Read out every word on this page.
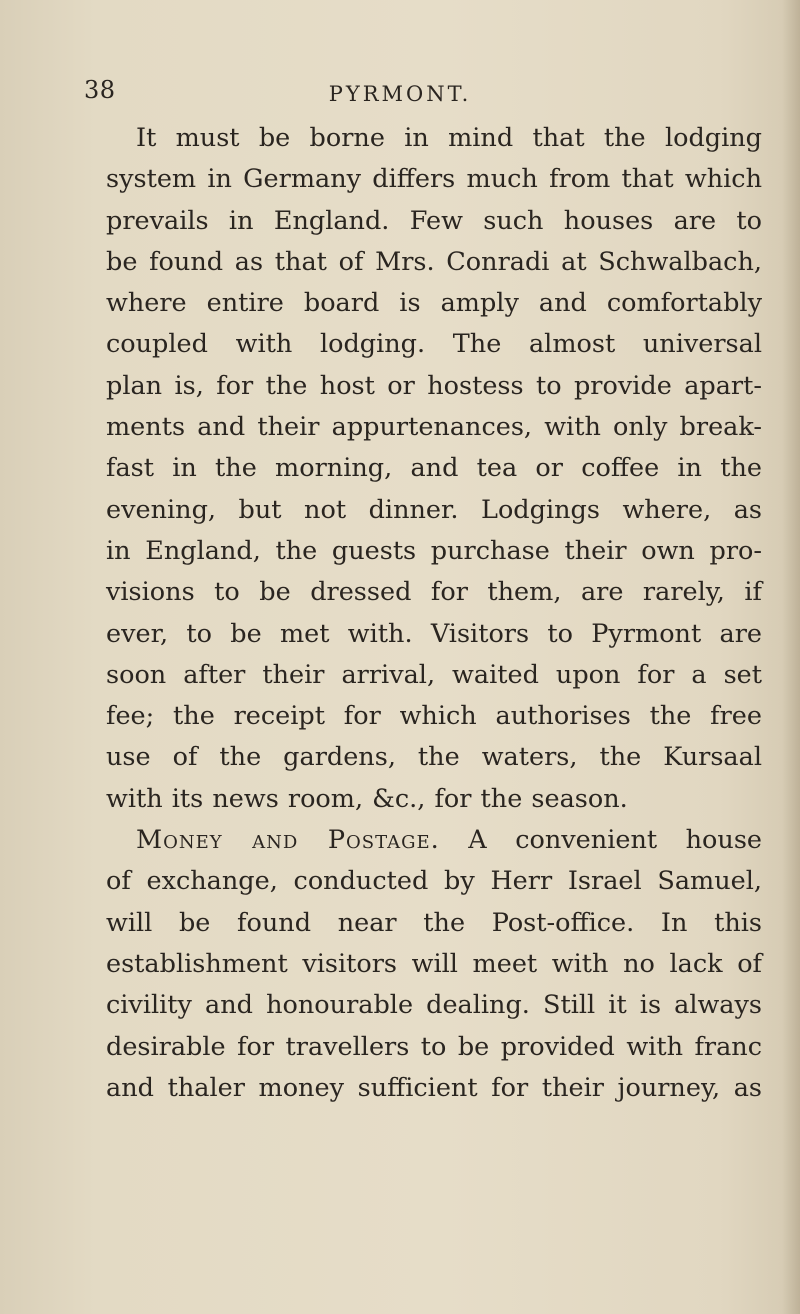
38	PYRMONT.
It must be borne in mind that the lodging
system in Germany differs much from that which
prevails in England. Few such houses are to
be found as that of Mrs. Conradi at Schwalbach,
where entire board is amply and comfortably
coupled with lodging. The almost universal
plan is, for the host or hostess to provide apart-
ments and their appurtenances, with only break-
fast in the morning, and tea or coffee in the
evening, but not dinner. Lodgings where, as
in England, the guests purchase their own pro-
visions to be dressed for them, are rarely, if
ever, to be met with. Visitors to Pyrmont are
soon after their arrival, waited upon for a set
fee; the receipt for which authorises the free
use of the gardens, the waters, the Kursaal
with its news room, &c., for the season.
Money and Postage. A convenient house
of exchange, conducted by Herr Israel Samuel,
will be found near the Post-office. In this
establishment visitors will meet with no lack of
civility and honourable dealing. Still it is always
desirable for travellers to be provided with franc
and thaler money sufficient for their journey, as
